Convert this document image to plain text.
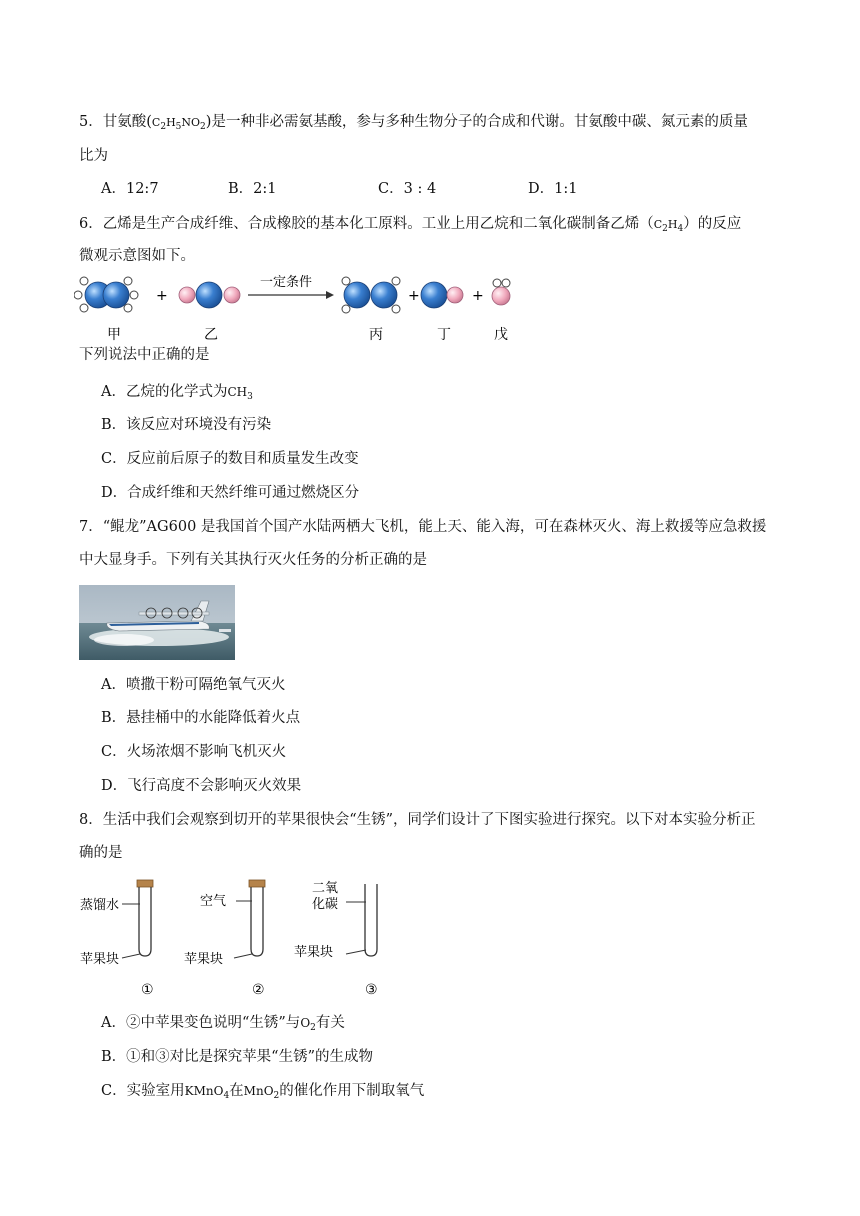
5．甘氨酸$(C_2H_5NO_2)$是一种非必需氨基酸，参与多种生物分子的合成和代谢。甘氨酸中碳、氮元素的质量
比为
A．12:7	B．2:1	C．3 : 4	D．1:1
6．乙烯是生产合成纤维、合成橡胶的基本化工原料。工业上用乙烷和二氧化碳制备乙烯$(C_2H_4)$的反应
微观示意图如下。
+
一定条件
+	+
甲	乙	丙	丁	戊
下列说法中正确的是
A．乙烷的化学式为$CH_3$
B．该反应对环境没有污染
C．反应前后原子的数目和质量发生改变
D．合成纤维和天然纤维可通过燃烧区分
7．“鲲龙”AG600 是我国首个国产水陆两栖大飞机，能上天、能入海，可在森林灭火、海上救援等应急救援
中大显身手。下列有关其执行灭火任务的分析正确的是
A．喷撒干粉可隔绝氧气灭火
B．悬挂桶中的水能降低着火点
C．火场浓烟不影响飞机灭火
D．飞行高度不会影响灭火效果
8．生活中我们会观察到切开的苹果很快会“生锈”，同学们设计了下图实验进行探究。以下对本实验分析正
确的是
蒸馏水
苹果块
①
空气
苹果块
②
二氧
化碳
苹果块
③
A．②中苹果变色说明“生锈”与$O_2$有关
B．①和③对比是探究苹果“生锈”的生成物
C．实验室用KMnO$_4$在MnO$_2$的催化作用下制取氧气
